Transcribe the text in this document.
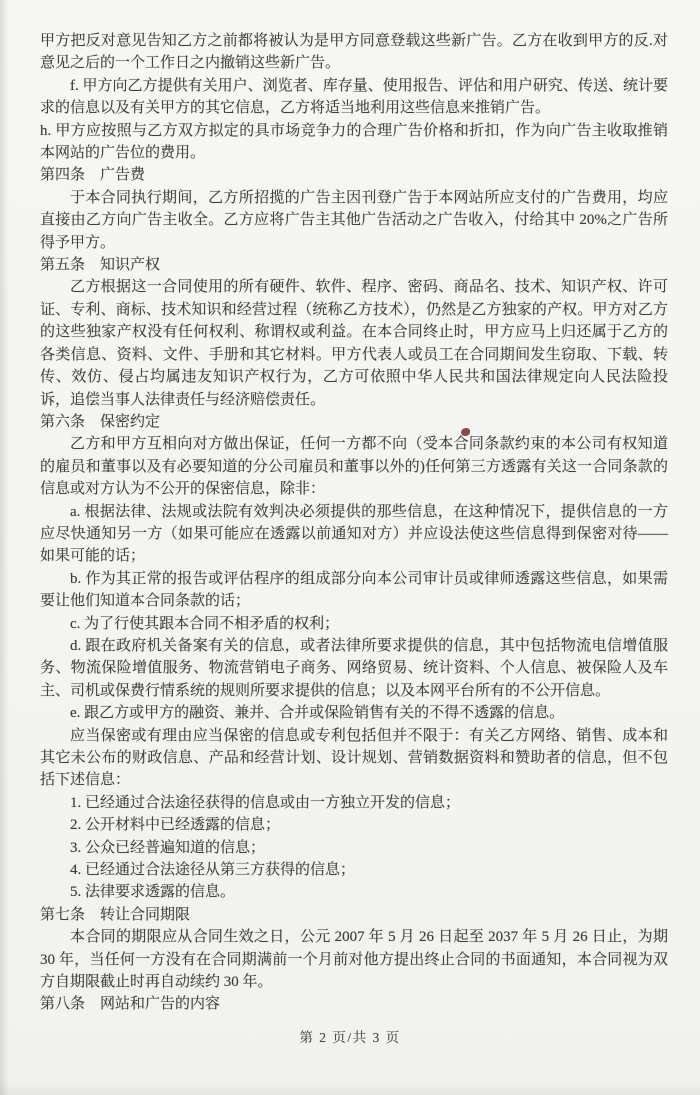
甲方把反对意见告知乙方之前都将被认为是甲方同意登载这些新广告。乙方在收到甲方的反.对意见之后的一个工作日之内撤销这些新广告。

f. 甲方向乙方提供有关用户、浏览者、库存量、使用报告、评估和用户研究、传送、统计要求的信息以及有关甲方的其它信息，乙方将适当地利用这些信息来推销广告。

h. 甲方应按照与乙方双方拟定的具市场竞争力的合理广告价格和折扣，作为向广告主收取推销本网站的广告位的费用。

第四条　广告费

于本合同执行期间，乙方所招揽的广告主因刊登广告于本网站所应支付的广告费用，均应直接由乙方向广告主收全。乙方应将广告主其他广告活动之广告收入，付给其中 20%之广告所得予甲方。

第五条　知识产权

乙方根据这一合同使用的所有硬件、软件、程序、密码、商品名、技术、知识产权、许可证、专利、商标、技术知识和经营过程（统称乙方技术），仍然是乙方独家的产权。甲方对乙方的这些独家产权没有任何权利、称谓权或利益。在本合同终止时，甲方应马上归还属于乙方的各类信息、资料、文件、手册和其它材料。甲方代表人或员工在合同期间发生窃取、下载、转传、效仿、侵占均属违友知识产权行为，乙方可依照中华人民共和国法律规定向人民法险投诉，追偿当事人法律责任与经济赔偿责任。

第六条　保密约定

乙方和甲方互相向对方做出保证，任何一方都不向（受本合同条款约束的本公司有权知道的雇员和董事以及有必要知道的分公司雇员和董事以外的)任何第三方透露有关这一合同条款的信息或对方认为不公开的保密信息，除非：

a. 根据法律、法规或法院有效判决必须提供的那些信息，在这种情况下，提供信息的一方应尽快通知另一方（如果可能应在透露以前通知对方）并应设法使这些信息得到保密对待——如果可能的话；

b. 作为其正常的报告或评估程序的组成部分向本公司审计员或律师透露这些信息，如果需要让他们知道本合同条款的话；

c. 为了行使其跟本合同不相矛盾的权利；

d. 跟在政府机关备案有关的信息，或者法律所要求提供的信息，其中包括物流电信增值服务、物流保险增值服务、物流营销电子商务、网络贸易、统计资料、个人信息、被保险人及车主、司机或保费行情系统的规则所要求提供的信息；以及本网平台所有的不公开信息。

e. 跟乙方或甲方的融资、兼并、合并或保险销售有关的不得不透露的信息。

应当保密或有理由应当保密的信息或专利包括但并不限于：有关乙方网络、销售、成本和其它未公布的财政信息、产品和经营计划、设计规划、营销数据资料和赞助者的信息，但不包括下述信息：

1. 已经通过合法途径获得的信息或由一方独立开发的信息；

2. 公开材料中已经透露的信息；

3. 公众已经普遍知道的信息；

4. 已经通过合法途径从第三方获得的信息；

5. 法律要求透露的信息。

第七条　转让合同期限

本合同的期限应从合同生效之日，公元 2007 年 5 月 26 日起至 2037 年 5 月 26 日止，为期 30 年，当任何一方没有在合同期满前一个月前对他方提出终止合同的书面通知，本合同视为双方自期限截止时再自动续约 30 年。

第八条　网站和广告的内容

第 2 页/共 3 页
